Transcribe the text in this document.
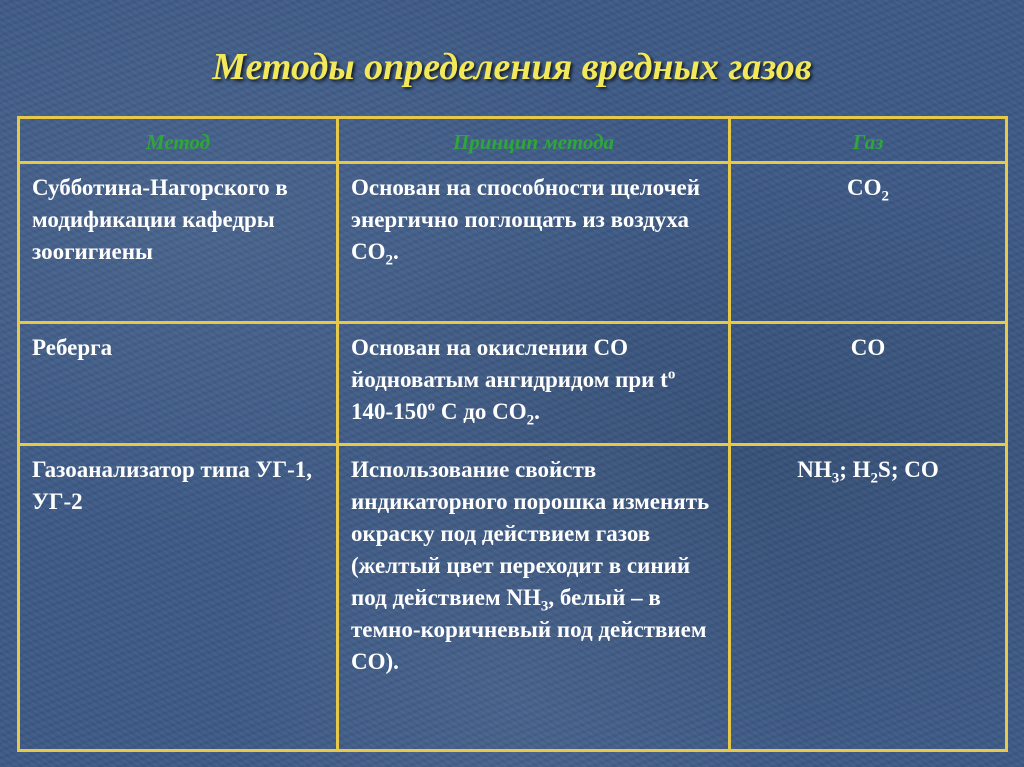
Методы определения вредных газов
Метод	Принцип метода	Газ
Субботина-Нагорского в модификации кафедры зоогигиены	Основан на способности щелочей энергично поглощать из воздуха $CO_2$.	$CO_2$
Реберга	Основан на окислении CO йодноватым ангидридом при $t^o$ 140-150$^o$ C до $CO_2$.	CO
Газоанализатор типа УГ-1, УГ-2	Использование свойств индикаторного порошка изменять окраску под действием газов (желтый цвет переходит в синий под действием $NH_3$, белый – в темно-коричневый под действием CO).	$NH_3$; $H_2S$; CO
